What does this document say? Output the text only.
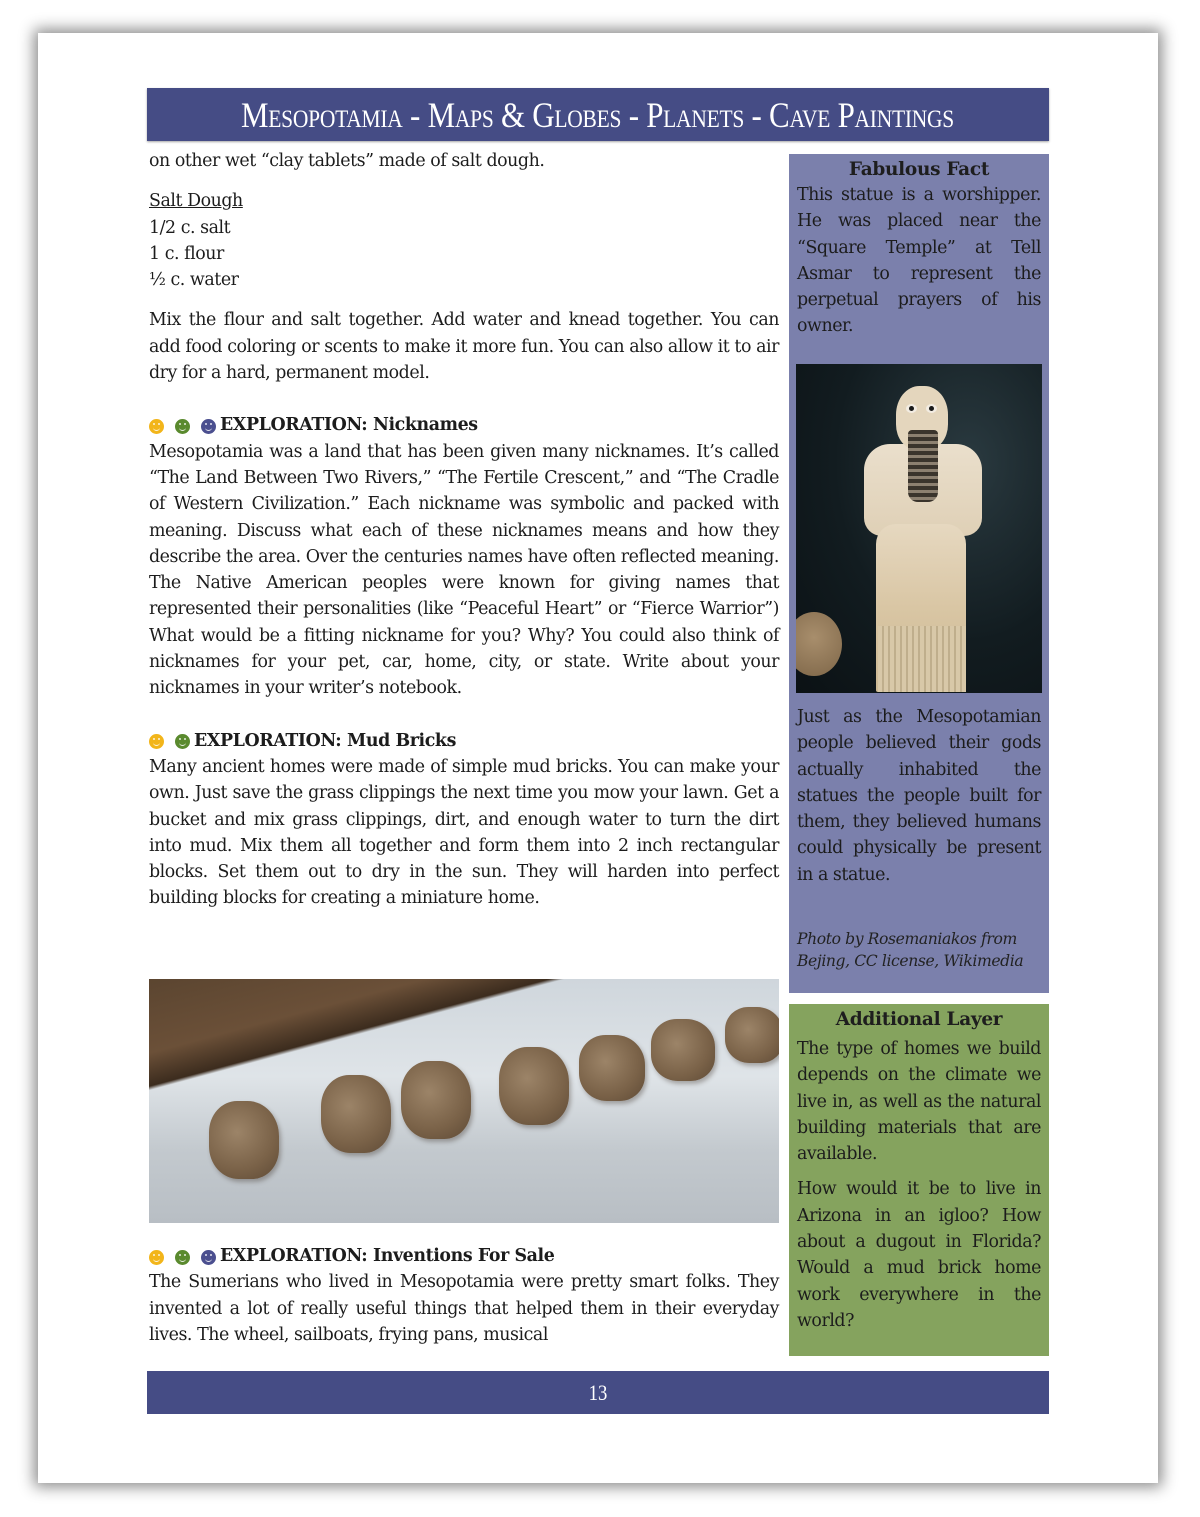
Mesopotamia - Maps & Globes - Planets - Cave Paintings

on other wet “clay tablets” made of salt dough.

Salt Dough

1/2 c. salt

1 c. flour

½ c. water

Mix the flour and salt together. Add water and knead together. You can add food coloring or scents to make it more fun. You can also allow it to air dry for a hard, permanent model.

EXPLORATION: Nicknames

Mesopotamia was a land that has been given many nicknames. It’s called “The Land Between Two Rivers,” “The Fertile Crescent,” and “The Cradle of Western Civilization.” Each nickname was symbolic and packed with meaning. Discuss what each of these nicknames means and how they describe the area. Over the centuries names have often reflected meaning. The Native American peoples were known for giving names that represented their personalities (like “Peaceful Heart” or “Fierce Warrior”) What would be a fitting nickname for you? Why? You could also think of nicknames for your pet, car, home, city, or state. Write about your nicknames in your writer’s notebook.

EXPLORATION: Mud Bricks

Many ancient homes were made of simple mud bricks. You can make your own. Just save the grass clippings the next time you mow your lawn. Get a bucket and mix grass clippings, dirt, and enough water to turn the dirt into mud. Mix them all together and form them into 2 inch rectangular blocks. Set them out to dry in the sun. They will harden into perfect building blocks for creating a miniature home.

EXPLORATION: Inventions For Sale

The Sumerians who lived in Mesopotamia were pretty smart folks. They invented a lot of really useful things that helped them in their everyday lives. The wheel, sailboats, frying pans, musical

Fabulous Fact

This statue is a worshipper. He was placed near the “Square Temple” at Tell Asmar to represent the perpetual prayers of his owner.

Just as the Mesopotamian people believed their gods actually inhabited the statues the people built for them, they believed humans could physically be present in a statue.

Photo by Rosemaniakos from Bejing, CC license, Wikimedia

Additional Layer

The type of homes we build depends on the climate we live in, as well as the natural building materials that are available.

How would it be to live in Arizona in an igloo? How about a dugout in Florida? Would a mud brick home work everywhere in the world?

13
